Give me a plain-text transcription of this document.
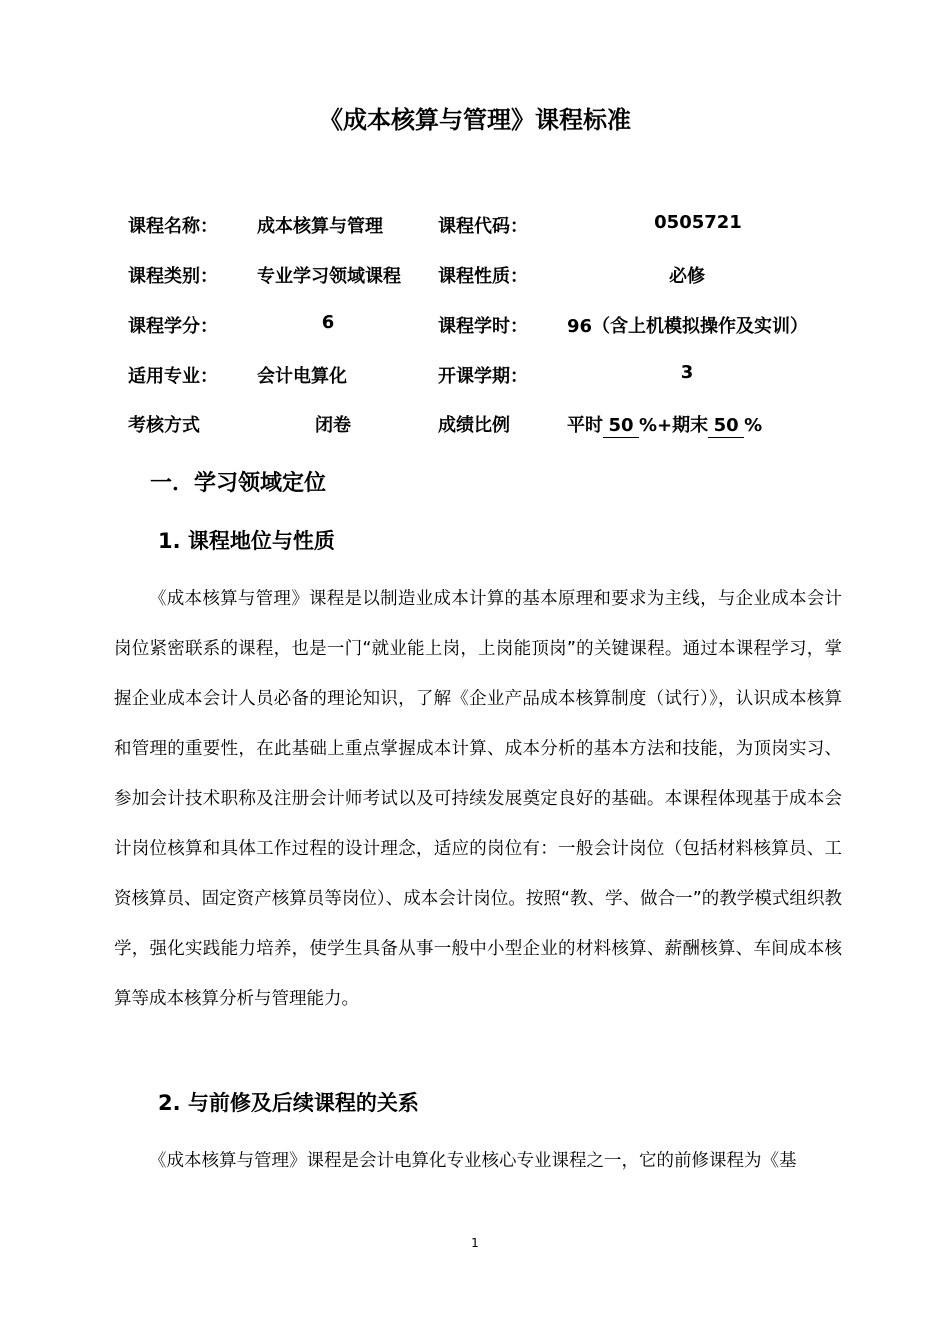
《成本核算与管理》课程标准
课程名称： 成本核算与管理	课程代码：	0505721
课程类别： 专业学习领域课程 课程性质：	必修
课程学分：	6	课程学时： 96（含上机模拟操作及实训）
适用专业： 会计电算化	开课学期：	3
考核方式	闭卷	成绩比例	平时 50 %+期末 50 %
一．学习领域定位
1. 课程地位与性质

《成本核算与管理》课程是以制造业成本计算的基本原理和要求为主线，与企业成本会计岗位紧密联系的课程，也是一门“就业能上岗，上岗能顶岗”的关键课程。通过本课程学习，掌握企业成本会计人员必备的理论知识，了解《企业产品成本核算制度（试行）》，认识成本核算和管理的重要性，在此基础上重点掌握成本计算、成本分析的基本方法和技能，为顶岗实习、参加会计技术职称及注册会计师考试以及可持续发展奠定良好的基础。本课程体现基于成本会计岗位核算和具体工作过程的设计理念，适应的岗位有：一般会计岗位（包括材料核算员、工资核算员、固定资产核算员等岗位）、成本会计岗位。按照“教、学、做合一”的教学模式组织教学，强化实践能力培养，使学生具备从事一般中小型企业的材料核算、薪酬核算、车间成本核算等成本核算分析与管理能力。

2. 与前修及后续课程的关系

《成本核算与管理》课程是会计电算化专业核心专业课程之一，它的前修课程为《基

1
